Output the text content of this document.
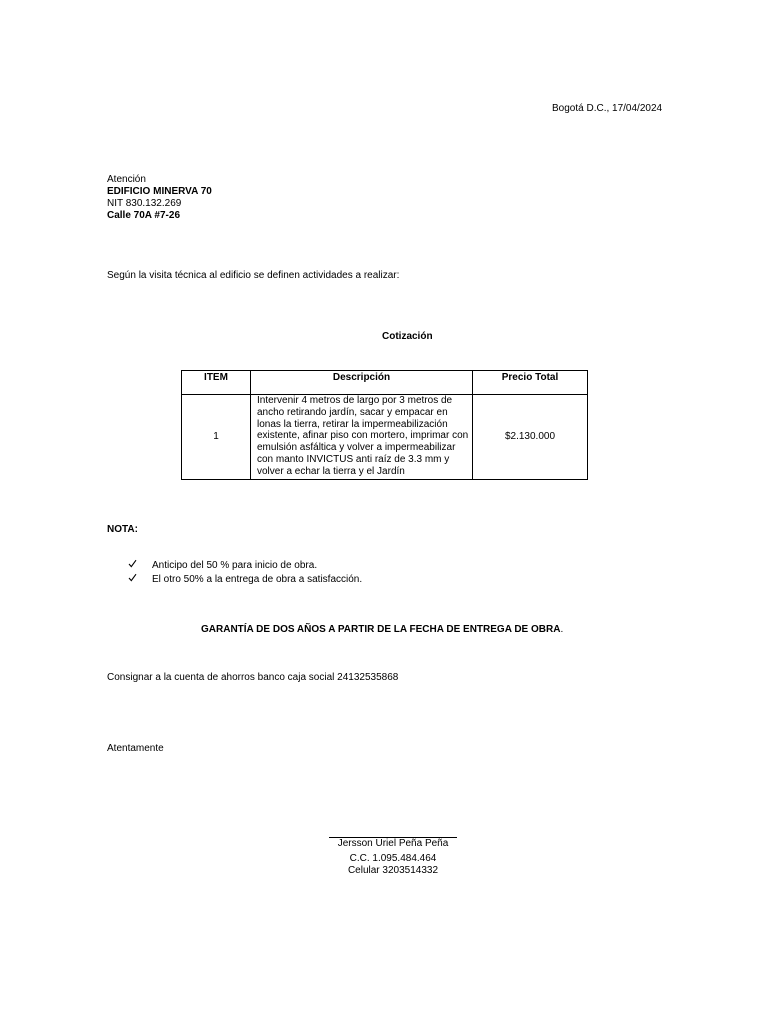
Bogotá D.C., 17/04/2024
Atención
EDIFICIO MINERVA 70
NIT 830.132.269
Calle 70A #7-26
Según la visita técnica al edificio se definen actividades a realizar:
Cotización
ITEM	Descripción	Precio Total
1	Intervenir 4 metros de largo por 3 metros de ancho retirando jardín, sacar y empacar en lonas la tierra, retirar la impermeabilización existente, afinar piso con mortero, imprimar con emulsión asfáltica y volver a impermeabilizar con manto INVICTUS anti raíz de 3.3 mm y volver a echar la tierra y el Jardín	$2.130.000
NOTA:
Anticipo del 50 % para inicio de obra.
El otro 50% a la entrega de obra a satisfacción.
GARANTÍA DE DOS AÑOS A PARTIR DE LA FECHA DE ENTREGA DE OBRA.
Consignar a la cuenta de ahorros banco caja social 24132535868
Atentamente
Jersson Uriel Peña Peña
C.C. 1.095.484.464
Celular 3203514332
